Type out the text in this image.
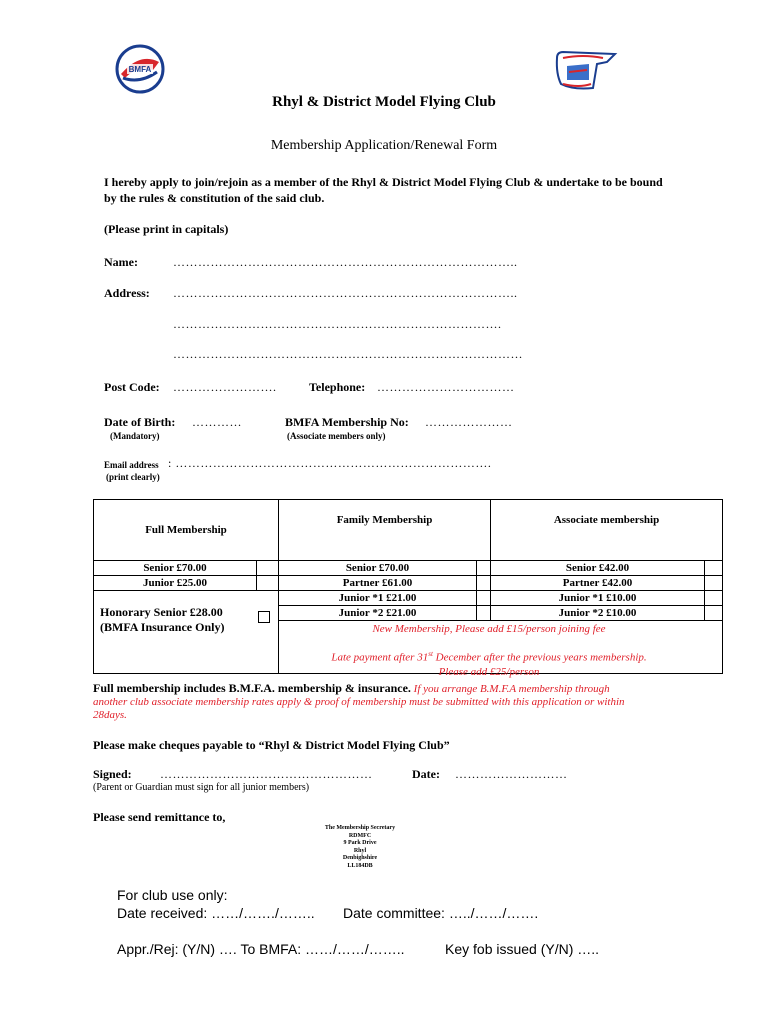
BMFA
Rhyl & District Model Flying Club
Membership Application/Renewal Form
I hereby apply to join/rejoin as a member of the Rhyl & District Model Flying Club & undertake to be bound by the rules & constitution of the said club.
(Please print in capitals)
Name:	………………………………………………………………………..
Address: ………………………………………………………………………..
…………………………………………………………………….
…………………………………………………………………………
Post Code: …………………….	Telephone: ……………………………
Date of Birth: …………
(Mandatory)
BMFA Membership No: …………………
(Associate members only)
Email address : ………………………………………………………………….
(print clearly)
Full Membership		Family Membership		Associate membership	
Senior £70.00		Senior £70.00		Senior £42.00	
Junior £25.00		Partner £61.00		Partner £42.00	

Honorary Senior £28.00
(BMFA Insurance Only)		Junior *1 £21.00		Junior *1 £10.00	
		Junior *2 £21.00		Junior *2 £10.00	

		New Membership, Please add £15/person joining fee
Late payment after 31st December after the previous years membership.
Please add £25/person			

Full membership includes B.M.F.A. membership & insurance. If you arrange B.M.F.A membership through another club associate membership rates apply & proof of membership must be submitted with this application or within 28days.
Please make cheques payable to “Rhyl & District Model Flying Club”
Signed: ……………………………………………	Date: ………………………
(Parent or Guardian must sign for all junior members)
Please send remittance to,
The Membership Secretary
RDMFC
9 Park Drive
Rhyl
Denbighshire
LL184DB
For club use only:
Date received: ……/……./…….. Date committee: …../……/…….
Appr./Rej: (Y/N) …. To BMFA: ……/……/……..	Key fob issued (Y/N) …..
